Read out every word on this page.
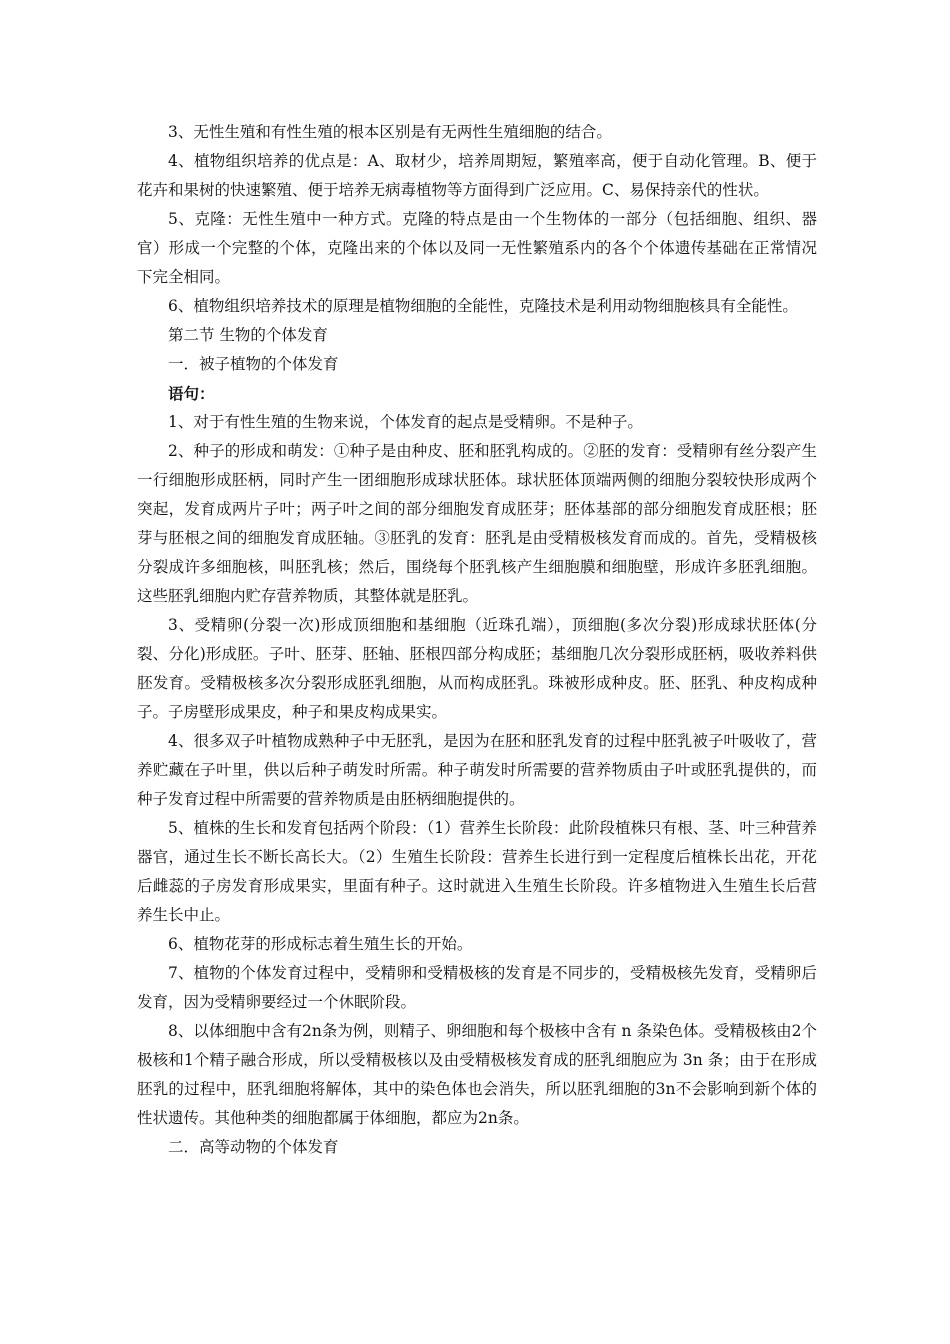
3、无性生殖和有性生殖的根本区别是有无两性生殖细胞的结合。

4、植物组织培养的优点是：A、取材少，培养周期短，繁殖率高，便于自动化管理。B、便于花卉和果树的快速繁殖、便于培养无病毒植物等方面得到广泛应用。C、易保持亲代的性状。

5、克隆：无性生殖中一种方式。克隆的特点是由一个生物体的一部分（包括细胞、组织、器官）形成一个完整的个体，克隆出来的个体以及同一无性繁殖系内的各个个体遗传基础在正常情况下完全相同。

6、植物组织培养技术的原理是植物细胞的全能性，克隆技术是利用动物细胞核具有全能性。

第二节 生物的个体发育

一．被子植物的个体发育

语句：

1、对于有性生殖的生物来说，个体发育的起点是受精卵。不是种子。

2、种子的形成和萌发：①种子是由种皮、胚和胚乳构成的。②胚的发育：受精卵有丝分裂产生一行细胞形成胚柄，同时产生一团细胞形成球状胚体。球状胚体顶端两侧的细胞分裂较快形成两个突起，发育成两片子叶；两子叶之间的部分细胞发育成胚芽；胚体基部的部分细胞发育成胚根；胚芽与胚根之间的细胞发育成胚轴。③胚乳的发育：胚乳是由受精极核发育而成的。首先，受精极核分裂成许多细胞核，叫胚乳核；然后，围绕每个胚乳核产生细胞膜和细胞壁，形成许多胚乳细胞。这些胚乳细胞内贮存营养物质，其整体就是胚乳。

3、受精卵(分裂一次)形成顶细胞和基细胞（近珠孔端），顶细胞(多次分裂)形成球状胚体(分裂、分化)形成胚。子叶、胚芽、胚轴、胚根四部分构成胚；基细胞几次分裂形成胚柄，吸收养料供胚发育。受精极核多次分裂形成胚乳细胞，从而构成胚乳。珠被形成种皮。胚、胚乳、种皮构成种子。子房壁形成果皮，种子和果皮构成果实。

4、很多双子叶植物成熟种子中无胚乳，是因为在胚和胚乳发育的过程中胚乳被子叶吸收了，营养贮藏在子叶里，供以后种子萌发时所需。种子萌发时所需要的营养物质由子叶或胚乳提供的，而种子发育过程中所需要的营养物质是由胚柄细胞提供的。

5、植株的生长和发育包括两个阶段：（1）营养生长阶段：此阶段植株只有根、茎、叶三种营养器官，通过生长不断长高长大。（2）生殖生长阶段：营养生长进行到一定程度后植株长出花，开花后雌蕊的子房发育形成果实，里面有种子。这时就进入生殖生长阶段。许多植物进入生殖生长后营养生长中止。

6、植物花芽的形成标志着生殖生长的开始。

7、植物的个体发育过程中，受精卵和受精极核的发育是不同步的，受精极核先发育，受精卵后发育，因为受精卵要经过一个休眠阶段。

8、以体细胞中含有2n条为例，则精子、卵细胞和每个极核中含有 n 条染色体。受精极核由2个极核和1个精子融合形成，所以受精极核以及由受精极核发育成的胚乳细胞应为 3n 条；由于在形成胚乳的过程中，胚乳细胞将解体，其中的染色体也会消失，所以胚乳细胞的3n不会影响到新个体的性状遗传。其他种类的细胞都属于体细胞，都应为2n条。

二．高等动物的个体发育
